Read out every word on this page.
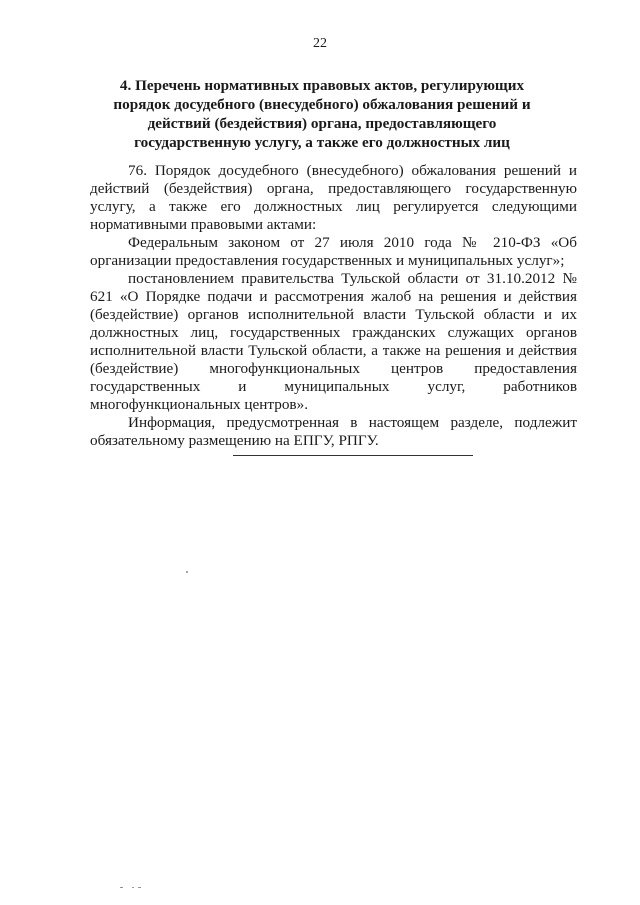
22
4. Перечень нормативных правовых актов, регулирующих порядок досудебного (внесудебного) обжалования решений и действий (бездействия) органа, предоставляющего государственную услугу, а также его должностных лиц

76. Порядок досудебного (внесудебного) обжалования решений и действий (бездействия) органа, предоставляющего государственную услугу, а также его должностных лиц регулируется следующими нормативными правовыми актами:

Федеральным законом от 27 июля 2010 года № 210-ФЗ «Об организации предоставления государственных и муниципальных услуг»;

постановлением правительства Тульской области от 31.10.2012 № 621 «О Порядке подачи и рассмотрения жалоб на решения и действия (бездействие) органов исполнительной власти Тульской области и их должностных лиц, государственных гражданских служащих органов исполнительной власти Тульской области, а также на решения и действия (бездействие) многофункциональных центров предоставления государственных и муниципальных услуг, работников многофункциональных центров».

Информация, предусмотренная в настоящем разделе, подлежит обязательному размещению на ЕПГУ, РПГУ.
